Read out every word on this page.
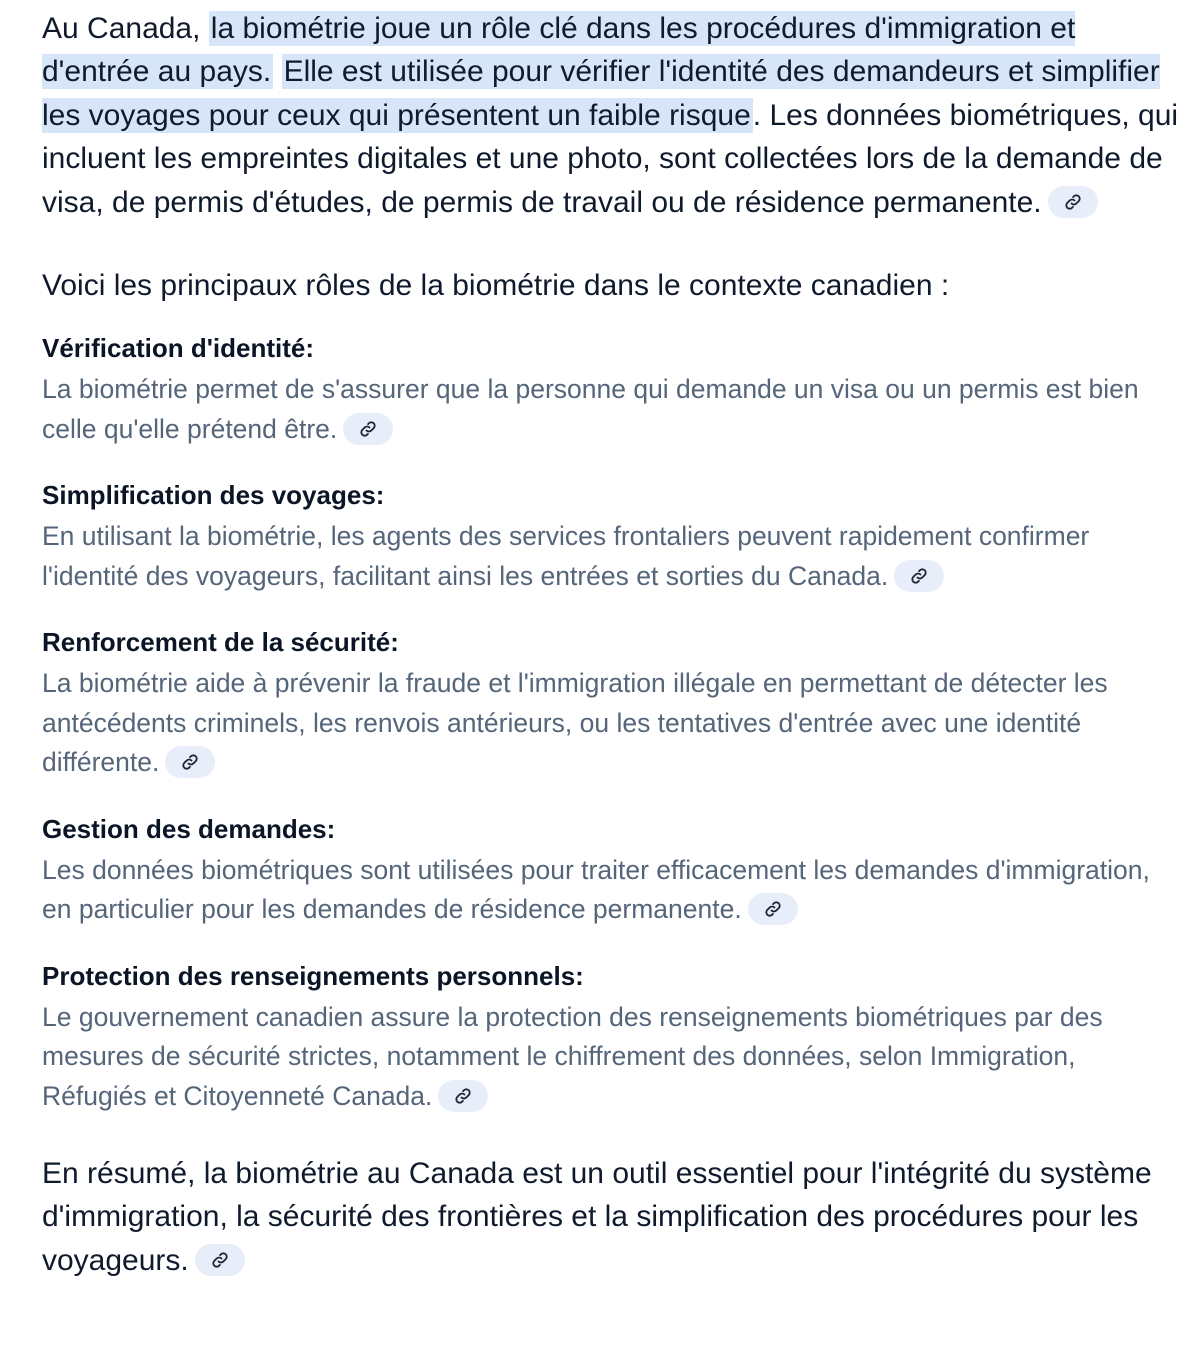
Au Canada, la biométrie joue un rôle clé dans les procédures d'immigration et d'entrée au pays. Elle est utilisée pour vérifier l'identité des demandeurs et simplifier les voyages pour ceux qui présentent un faible risque. Les données biométriques, qui incluent les empreintes digitales et une photo, sont collectées lors de la demande de visa, de permis d'études, de permis de travail ou de résidence permanente.

Voici les principaux rôles de la biométrie dans le contexte canadien :

Vérification d'identité:

La biométrie permet de s'assurer que la personne qui demande un visa ou un permis est bien celle qu'elle prétend être.

Simplification des voyages:

En utilisant la biométrie, les agents des services frontaliers peuvent rapidement confirmer l'identité des voyageurs, facilitant ainsi les entrées et sorties du Canada.

Renforcement de la sécurité:

La biométrie aide à prévenir la fraude et l'immigration illégale en permettant de détecter les antécédents criminels, les renvois antérieurs, ou les tentatives d'entrée avec une identité différente.

Gestion des demandes:

Les données biométriques sont utilisées pour traiter efficacement les demandes d'immigration, en particulier pour les demandes de résidence permanente.

Protection des renseignements personnels:

Le gouvernement canadien assure la protection des renseignements biométriques par des mesures de sécurité strictes, notamment le chiffrement des données, selon Immigration, Réfugiés et Citoyenneté Canada.

En résumé, la biométrie au Canada est un outil essentiel pour l'intégrité du système d'immigration, la sécurité des frontières et la simplification des procédures pour les voyageurs.
